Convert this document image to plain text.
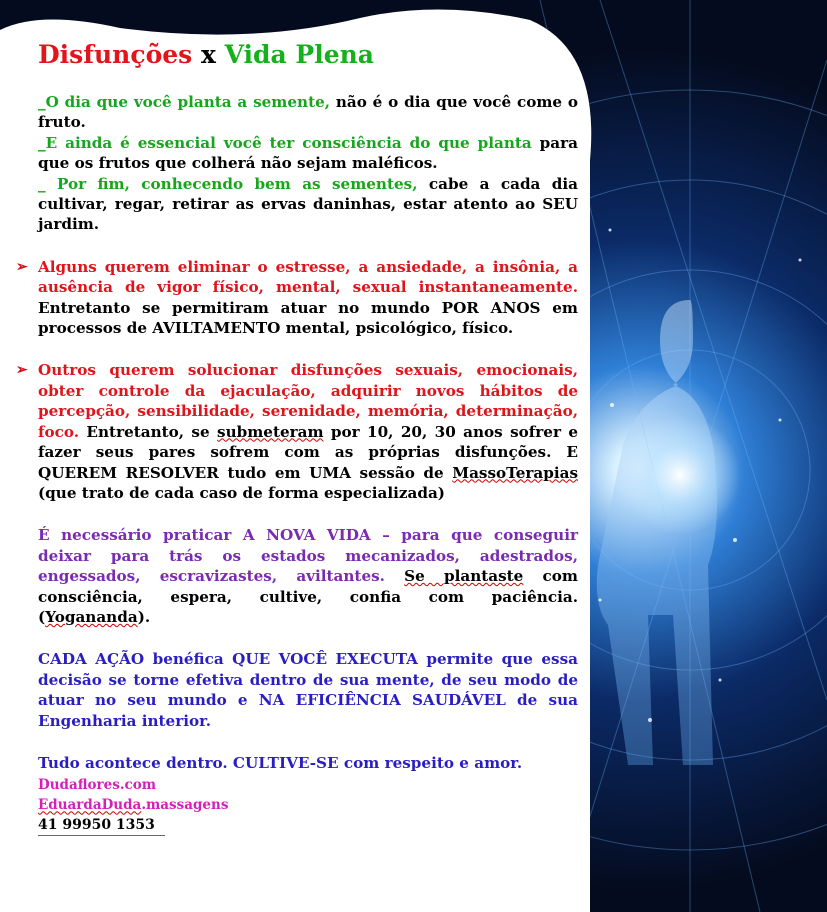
Disfunções x Vida Plena

_O dia que você planta a semente, não é o dia que você come o fruto.

_E ainda é essencial você ter consciência do que planta para que os frutos que colherá não sejam maléficos.

_ Por fim, conhecendo bem as sementes, cabe a cada dia cultivar, regar, retirar as ervas daninhas, estar atento ao SEU jardim.

➢ Alguns querem eliminar o estresse, a ansiedade, a insônia, a ausência de vigor físico, mental, sexual instantaneamente. Entretanto se permitiram atuar no mundo POR ANOS em processos de AVILTAMENTO mental, psicológico, físico.

➢ Outros querem solucionar disfunções sexuais, emocionais, obter controle da ejaculação, adquirir novos hábitos de percepção, sensibilidade, serenidade, memória, determinação, foco. Entretanto, se submeteram por 10, 20, 30 anos sofrer e fazer seus pares sofrem com as próprias disfunções. E QUEREM RESOLVER tudo em UMA sessão de MassoTerapias (que trato de cada caso de forma especializada)

É necessário praticar A NOVA VIDA – para que conseguir deixar para trás os estados mecanizados, adestrados, engessados, escravizastes, aviltantes. Se plantaste com consciência, espera, cultive, confia com paciência. (Yogananda).

CADA AÇÃO benéfica QUE VOCÊ EXECUTA permite que essa decisão se torne efetiva dentro de sua mente, de seu modo de atuar no seu mundo e NA EFICIÊNCIA SAUDÁVEL de sua Engenharia interior.

Tudo acontece dentro. CULTIVE-SE com respeito e amor.

Dudaflores.com
EduardaDuda.massagens
41 99950 1353
